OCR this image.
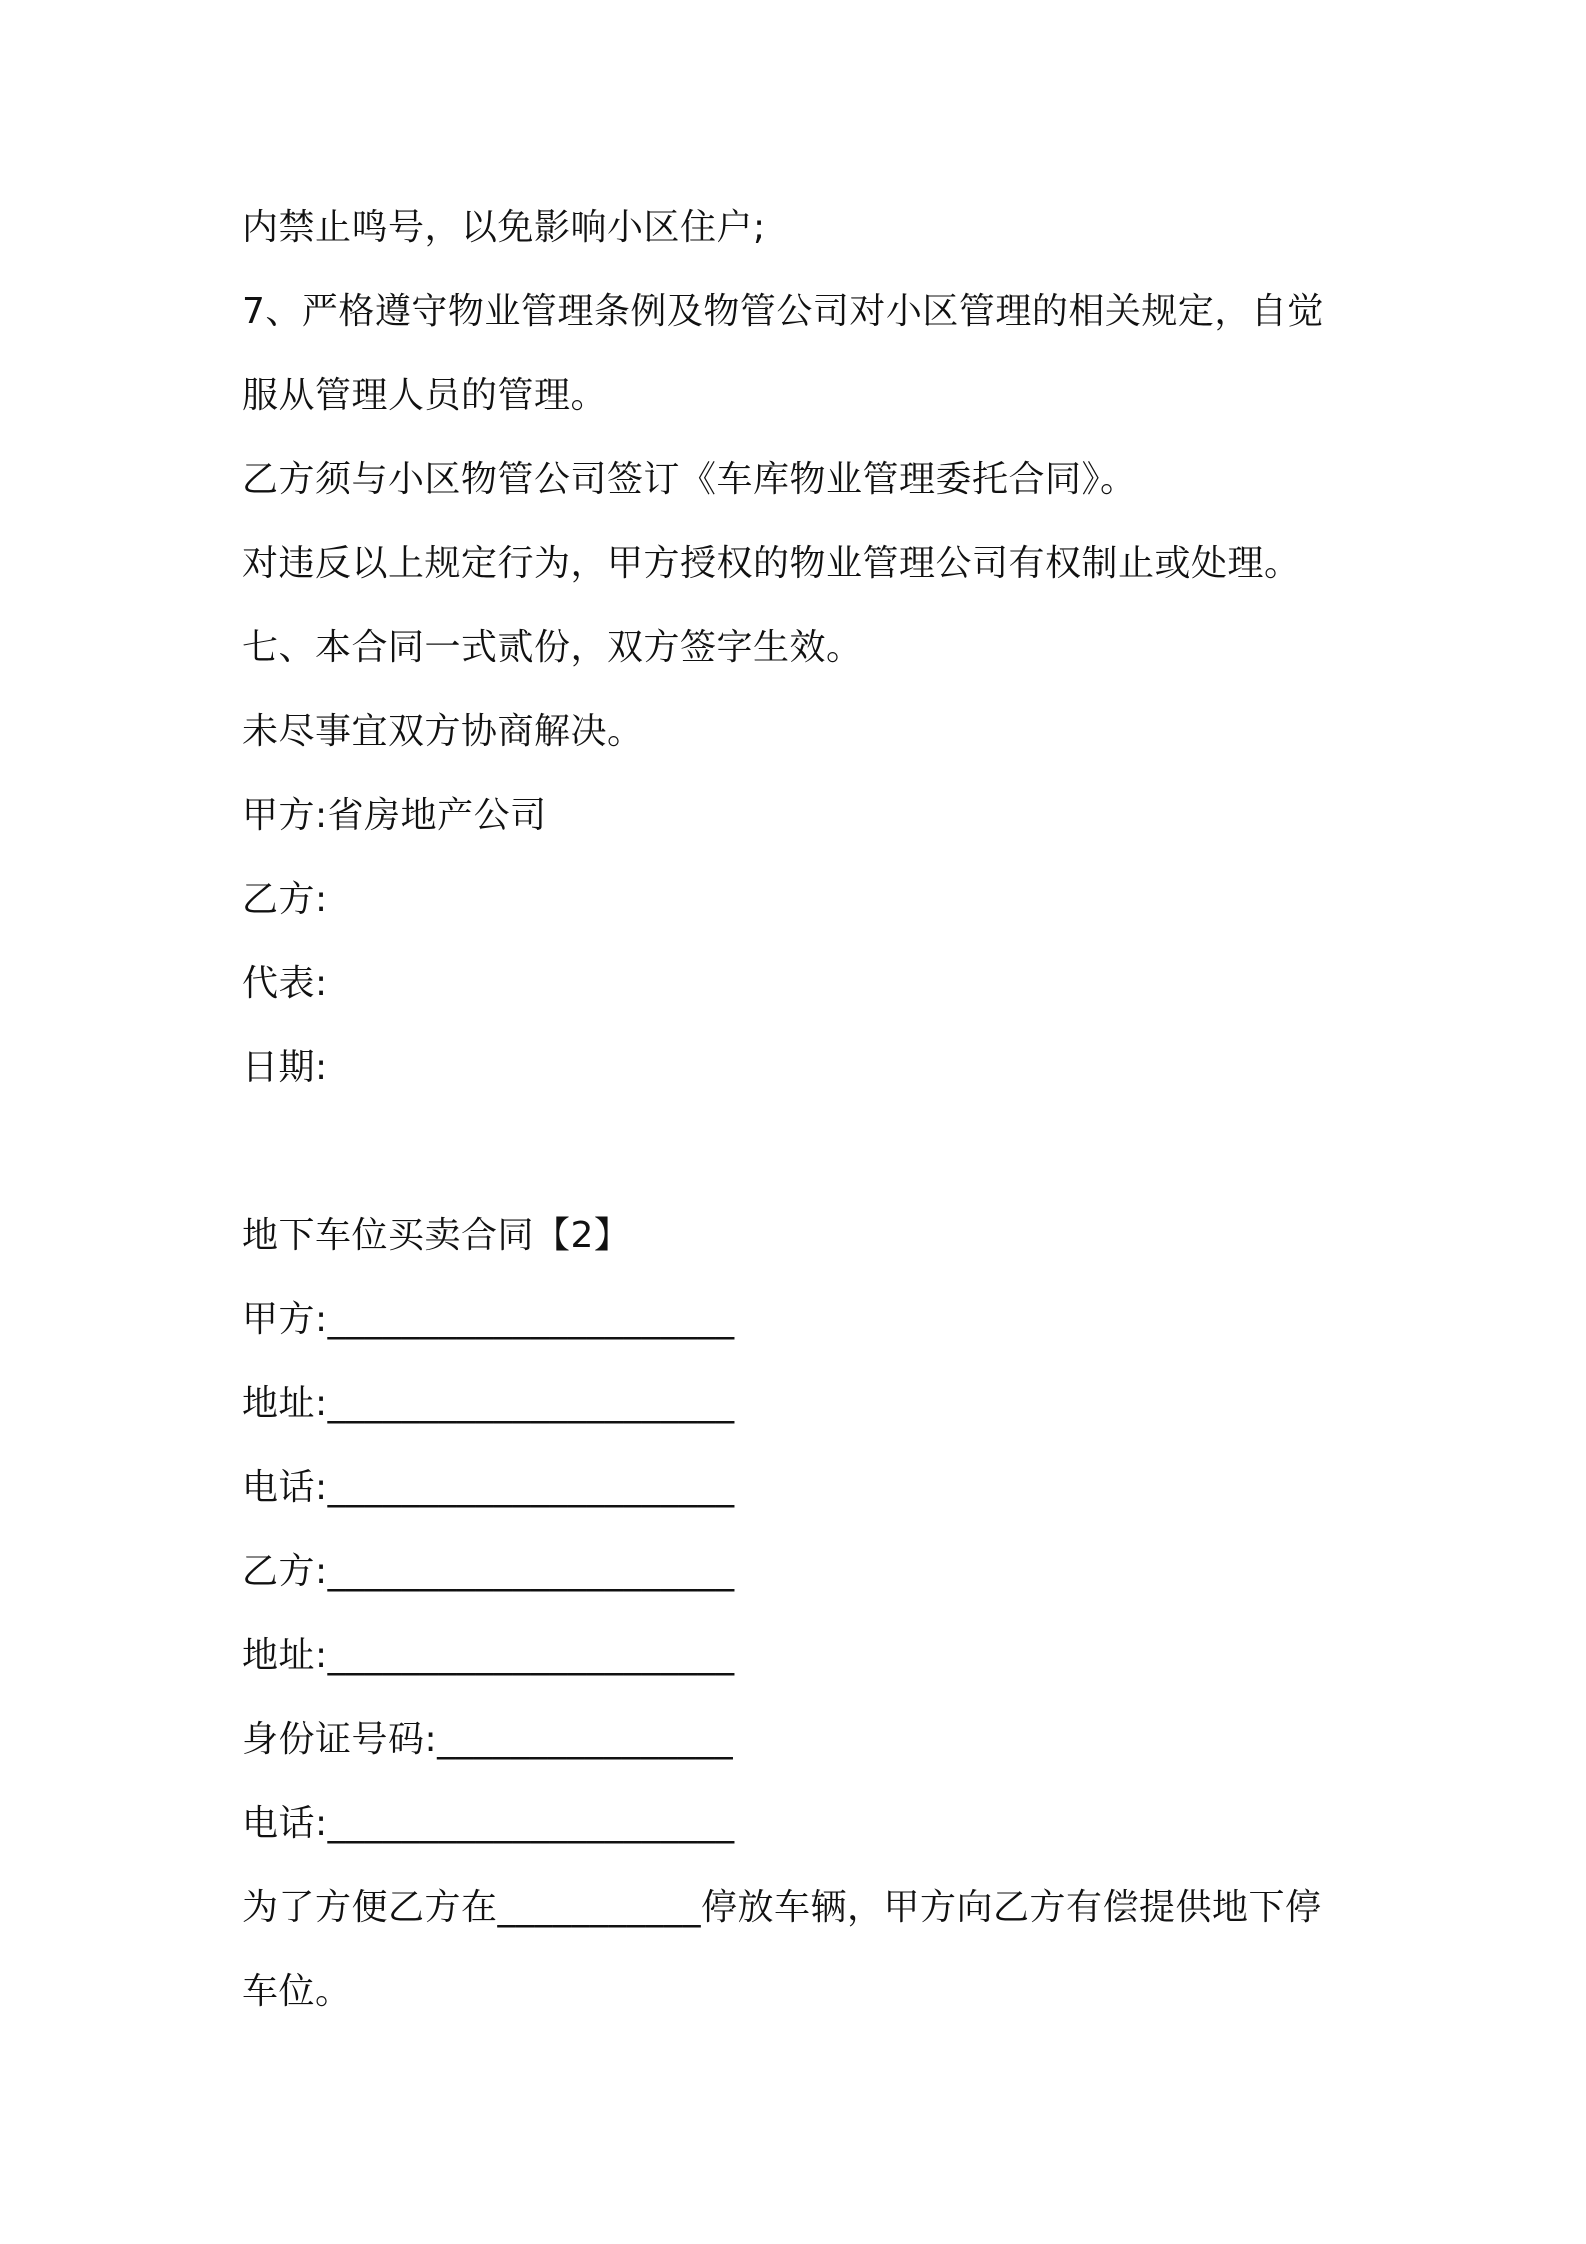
内禁止鸣号，以免影响小区住户;

7、严格遵守物业管理条例及物管公司对小区管理的相关规定，自觉

服从管理人员的管理。

乙方须与小区物管公司签订《车库物业管理委托合同》。

对违反以上规定行为，甲方授权的物业管理公司有权制止或处理。

七、本合同一式贰份，双方签字生效。

未尽事宜双方协商解决。

甲方:省房地产公司

乙方:

代表:

日期:

地下车位买卖合同【2】

甲方:______________________

地址:______________________

电话:______________________

乙方:______________________

地址:______________________

身份证号码:________________

电话:______________________

为了方便乙方在___________停放车辆，甲方向乙方有偿提供地下停

车位。
